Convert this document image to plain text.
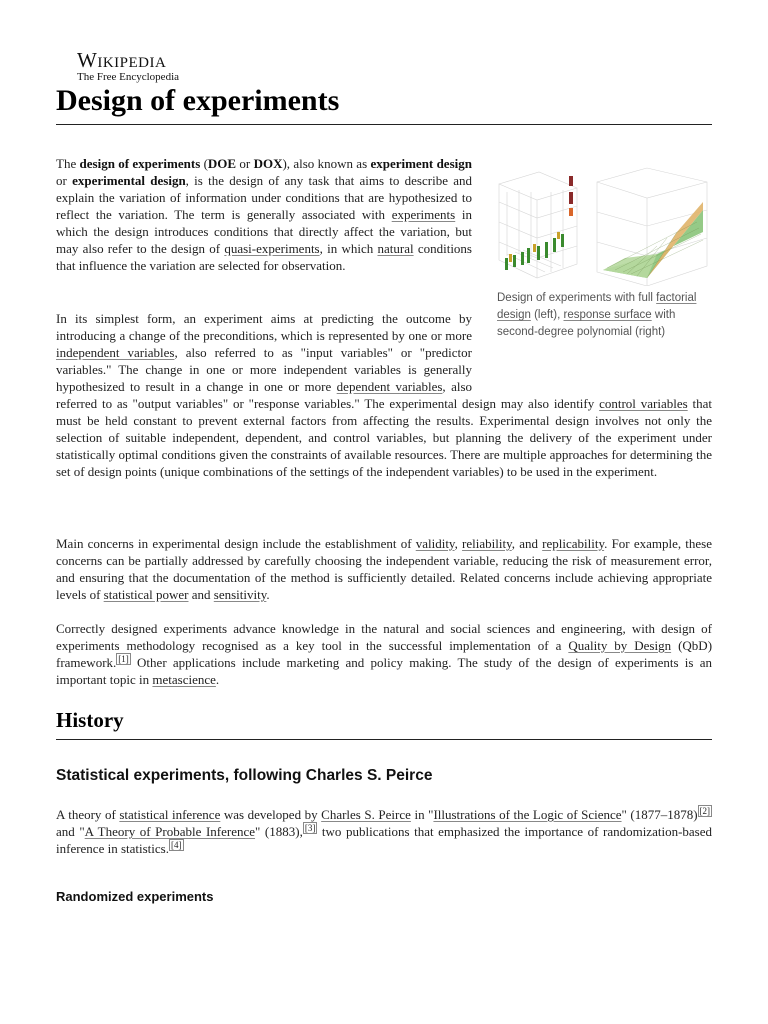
Wikipedia
The Free Encyclopedia
Design of experiments
Design of experiments with full factorial design (left), response surface with second-degree polynomial (right)

The design of experiments (DOE or DOX), also known as experiment design or experimental design, is the design of any task that aims to describe and explain the variation of information under conditions that are hypothesized to reflect the variation. The term is generally associated with experiments in which the design introduces conditions that directly affect the variation, but may also refer to the design of quasi-experiments, in which natural conditions that influence the variation are selected for observation.

In its simplest form, an experiment aims at predicting the outcome by introducing a change of the preconditions, which is represented by one or more independent variables, also referred to as "input variables" or "predictor variables." The change in one or more independent variables is generally hypothesized to result in a change in one or more dependent variables, also referred to as "output variables" or "response variables." The experimental design may also identify control variables that must be held constant to prevent external factors from affecting the results. Experimental design involves not only the selection of suitable independent, dependent, and control variables, but planning the delivery of the experiment under statistically optimal conditions given the constraints of available resources. There are multiple approaches for determining the set of design points (unique combinations of the settings of the independent variables) to be used in the experiment.

Main concerns in experimental design include the establishment of validity, reliability, and replicability. For example, these concerns can be partially addressed by carefully choosing the independent variable, reducing the risk of measurement error, and ensuring that the documentation of the method is sufficiently detailed. Related concerns include achieving appropriate levels of statistical power and sensitivity.

Correctly designed experiments advance knowledge in the natural and social sciences and engineering, with design of experiments methodology recognised as a key tool in the successful implementation of a Quality by Design (QbD) framework. [1] Other applications include marketing and policy making. The study of the design of experiments is an important topic in metascience.

History
Statistical experiments, following Charles S. Peirce

A theory of statistical inference was developed by Charles S. Peirce in "Illustrations of the Logic of Science" (1877–1878) [2] and "A Theory of Probable Inference" (1883), [3] two publications that emphasized the importance of randomization-based inference in statistics. [4]

Randomized experiments
